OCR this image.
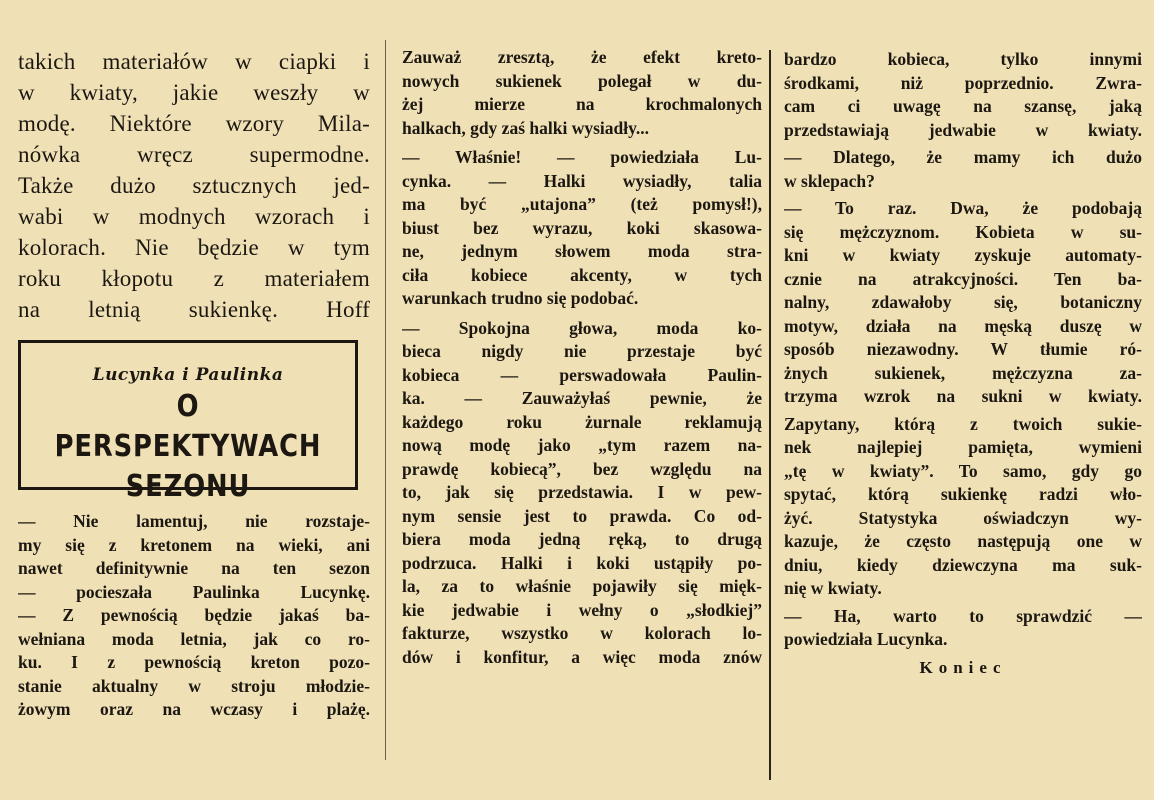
takich materiałów w ciapki i
w kwiaty, jakie weszły w
modę. Niektóre wzory Mila-
nówka wręcz supermodne.
Także dużo sztucznych jed-
wabi w modnych wzorach i
kolorach. Nie będzie w tym
roku kłopotu z materiałem
na letnią sukienkę. Hoff
— Nie lamentuj, nie rozstaje-
my się z kretonem na wieki, ani
nawet definitywnie na ten sezon
— pocieszała Paulinka Lucynkę.
— Z pewnością będzie jakaś ba-
wełniana moda letnia, jak co ro-
ku. I z pewnością kreton pozo-
stanie aktualny w stroju młodzie-
żowym oraz na wczasy i plażę.
Lucynka i Paulinka
O PERSPEKTYWACH
SEZONU
Zauważ zresztą, że efekt kreto-
nowych sukienek polegał w du-
żej mierze na krochmalonych
halkach, gdy zaś halki wysiadły...
— Właśnie! — powiedziała Lu-
cynka. — Halki wysiadły, talia
ma być „utajona” (też pomysł!),
biust bez wyrazu, koki skasowa-
ne, jednym słowem moda stra-
ciła kobiece akcenty, w tych
warunkach trudno się podobać.
— Spokojna głowa, moda ko-
bieca nigdy nie przestaje być
kobieca — perswadowała Paulin-
ka. — Zauważyłaś pewnie, że
każdego roku żurnale reklamują
nową modę jako „tym razem na-
prawdę kobiecą”, bez względu na
to, jak się przedstawia. I w pew-
nym sensie jest to prawda. Co od-
biera moda jedną ręką, to drugą
podrzuca. Halki i koki ustąpiły po-
la, za to właśnie pojawiły się mięk-
kie jedwabie i wełny o „słodkiej”
fakturze, wszystko w kolorach lo-
dów i konfitur, a więc moda znów
bardzo kobieca, tylko innymi
środkami, niż poprzednio. Zwra-
cam ci uwagę na szansę, jaką
przedstawiają jedwabie w kwiaty.
— Dlatego, że mamy ich dużo
w sklepach?
— To raz. Dwa, że podobają
się mężczyznom. Kobieta w su-
kni w kwiaty zyskuje automaty-
cznie na atrakcyjności. Ten ba-
nalny, zdawałoby się, botaniczny
motyw, działa na męską duszę w
sposób niezawodny. W tłumie ró-
żnych sukienek, mężczyzna za-
trzyma wzrok na sukni w kwiaty.
Zapytany, którą z twoich sukie-
nek najlepiej pamięta, wymieni
„tę w kwiaty”. To samo, gdy go
spytać, którą sukienkę radzi wło-
żyć. Statystyka oświadczyn wy-
kazuje, że często następują one w
dniu, kiedy dziewczyna ma suk-
nię w kwiaty.
— Ha, warto to sprawdzić —
powiedziała Lucynka.
Koniec
